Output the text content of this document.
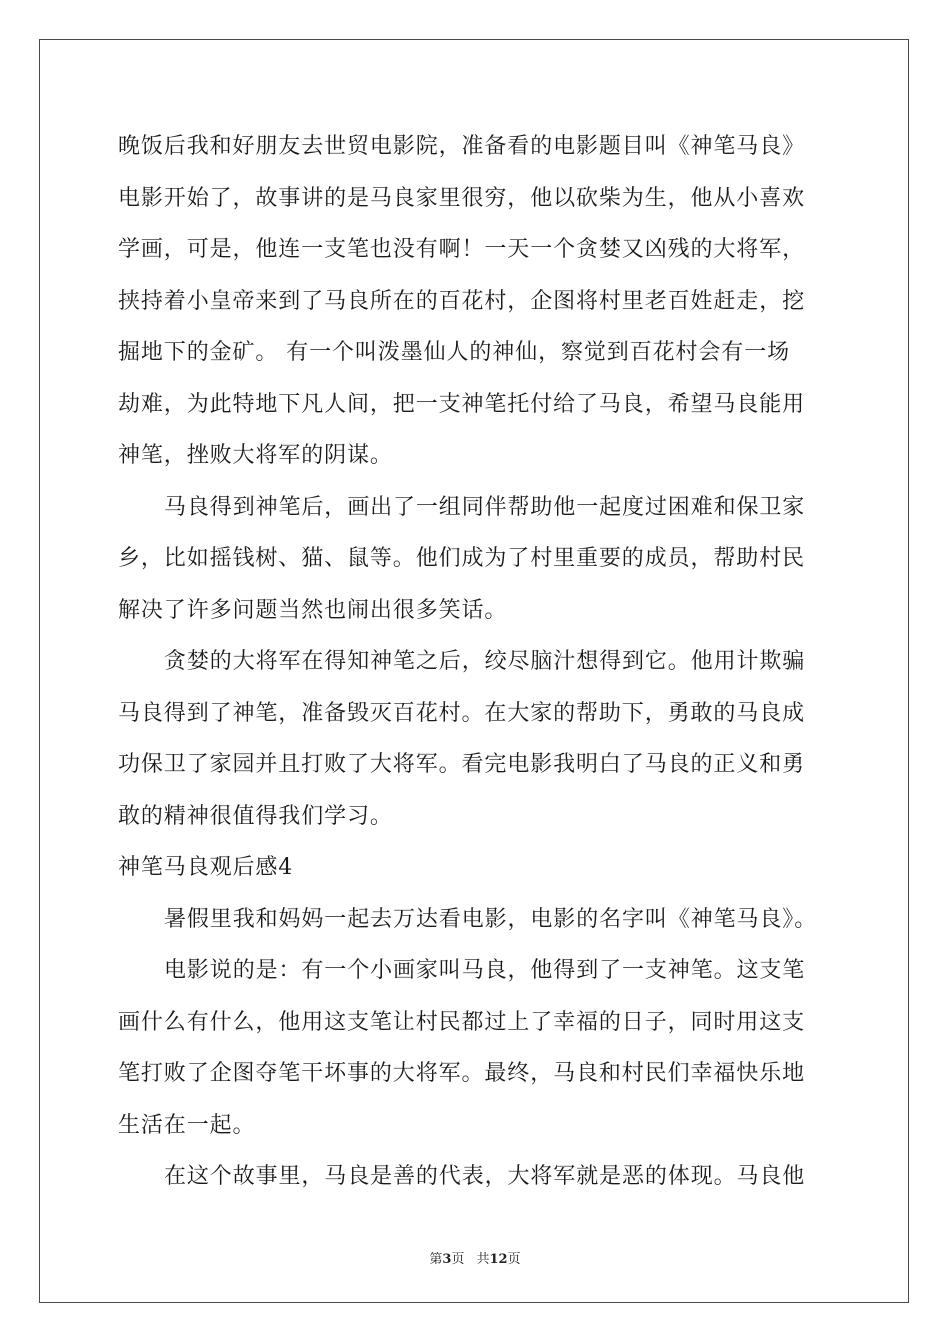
晚饭后我和好朋友去世贸电影院，准备看的电影题目叫《神笔马良》
电影开始了，故事讲的是马良家里很穷，他以砍柴为生，他从小喜欢
学画，可是，他连一支笔也没有啊！一天一个贪婪又凶残的大将军，
挟持着小皇帝来到了马良所在的百花村，企图将村里老百姓赶走，挖
掘地下的金矿。 有一个叫泼墨仙人的神仙，察觉到百花村会有一场
劫难，为此特地下凡人间，把一支神笔托付给了马良，希望马良能用
神笔，挫败大将军的阴谋。
马良得到神笔后，画出了一组同伴帮助他一起度过困难和保卫家
乡，比如摇钱树、猫、鼠等。他们成为了村里重要的成员，帮助村民
解决了许多问题当然也闹出很多笑话。
贪婪的大将军在得知神笔之后，绞尽脑汁想得到它。他用计欺骗
马良得到了神笔，准备毁灭百花村。在大家的帮助下，勇敢的马良成
功保卫了家园并且打败了大将军。看完电影我明白了马良的正义和勇
敢的精神很值得我们学习。
神笔马良观后感4
暑假里我和妈妈一起去万达看电影，电影的名字叫《神笔马良》。
电影说的是：有一个小画家叫马良，他得到了一支神笔。这支笔
画什么有什么，他用这支笔让村民都过上了幸福的日子，同时用这支
笔打败了企图夺笔干坏事的大将军。最终，马良和村民们幸福快乐地
生活在一起。
在这个故事里，马良是善的代表，大将军就是恶的体现。马良他
第3页 共12页
